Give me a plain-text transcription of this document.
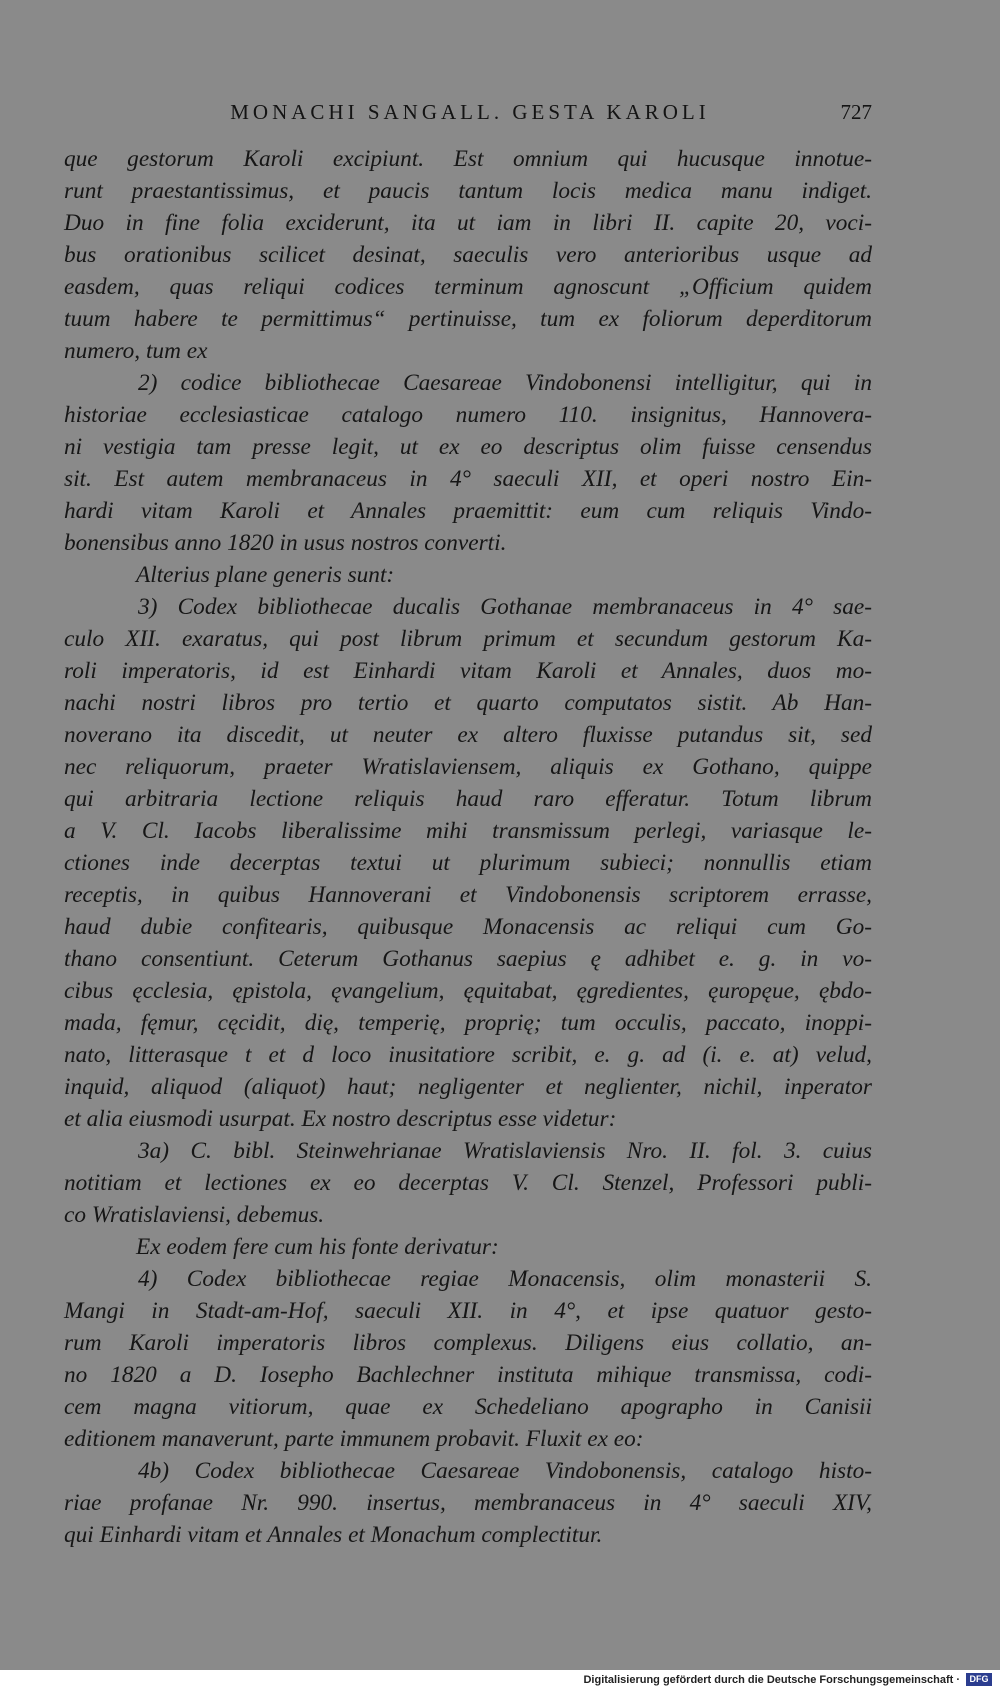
MONACHI SANGALL. GESTA KAROLI	727
que gestorum Karoli excipiunt. Est omnium qui hucusque innotue-
runt praestantissimus, et paucis tantum locis medica manu indiget.
Duo in fine folia exciderunt, ita ut iam in libri II. capite 20, voci-
bus orationibus scilicet desinat, saeculis vero anterioribus usque ad
easdem, quas reliqui codices terminum agnoscunt „Officium quidem
tuum habere te permittimus“ pertinuisse, tum ex foliorum deperditorum
numero, tum ex
2) codice bibliothecae Caesareae Vindobonensi intelligitur, qui in
historiae ecclesiasticae catalogo numero 110. insignitus, Hannovera-
ni vestigia tam presse legit, ut ex eo descriptus olim fuisse censendus
sit. Est autem membranaceus in 4° saeculi XII, et operi nostro Ein-
hardi vitam Karoli et Annales praemittit: eum cum reliquis Vindo-
bonensibus anno 1820 in usus nostros converti.
Alterius plane generis sunt:
3) Codex bibliothecae ducalis Gothanae membranaceus in 4° sae-
culo XII. exaratus, qui post librum primum et secundum gestorum Ka-
roli imperatoris, id est Einhardi vitam Karoli et Annales, duos mo-
nachi nostri libros pro tertio et quarto computatos sistit. Ab Han-
noverano ita discedit, ut neuter ex altero fluxisse putandus sit, sed
nec reliquorum, praeter Wratislaviensem, aliquis ex Gothano, quippe
qui arbitraria lectione reliquis haud raro efferatur. Totum librum
a V. Cl. Iacobs liberalissime mihi transmissum perlegi, variasque le-
ctiones inde decerptas textui ut plurimum subieci; nonnullis etiam
receptis, in quibus Hannoverani et Vindobonensis scriptorem errasse,
haud dubie confitearis, quibusque Monacensis ac reliqui cum Go-
thano consentiunt. Ceterum Gothanus saepius ę adhibet e. g. in vo-
cibus ęcclesia, ępistola, ęvangelium, ęquitabat, ęgredientes, ęuropęue, ębdo-
mada, fęmur, cęcidit, dię, temperię, proprię; tum occulis, paccato, inoppi-
nato, litterasque t et d loco inusitatiore scribit, e. g. ad (i. e. at) velud,
inquid, aliquod (aliquot) haut; negligenter et neglienter, nichil, inperator
et alia eiusmodi usurpat. Ex nostro descriptus esse videtur:
3a) C. bibl. Steinwehrianae Wratislaviensis Nro. II. fol. 3. cuius
notitiam et lectiones ex eo decerptas V. Cl. Stenzel, Professori publi-
co Wratislaviensi, debemus.
Ex eodem fere cum his fonte derivatur:
4) Codex bibliothecae regiae Monacensis, olim monasterii S.
Mangi in Stadt-am-Hof, saeculi XII. in 4°, et ipse quatuor gesto-
rum Karoli imperatoris libros complexus. Diligens eius collatio, an-
no 1820 a D. Iosepho Bachlechner instituta mihique transmissa, codi-
cem magna vitiorum, quae ex Schedeliano apographo in Canisii
editionem manaverunt, parte immunem probavit. Fluxit ex eo:
4b) Codex bibliothecae Caesareae Vindobonensis, catalogo histo-
riae profanae Nr. 990. insertus, membranaceus in 4° saeculi XIV,
qui Einhardi vitam et Annales et Monachum complectitur.
Digitalisierung gefördert durch die Deutsche Forschungsgemeinschaft ·	DFG
